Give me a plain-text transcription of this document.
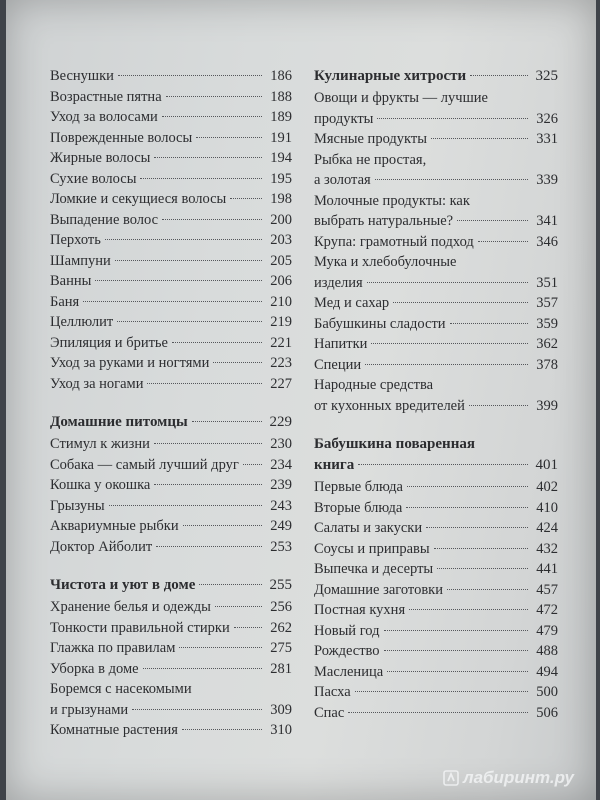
Веснушки	186
Возрастные пятна	188
Уход за волосами	189
Поврежденные волосы	191
Жирные волосы	194
Сухие волосы	195
Ломкие и секущиеся волосы	198
Выпадение волос	200
Перхоть	203
Шампуни	205
Ванны	206
Баня	210
Целлюлит	219
Эпиляция и бритье	221
Уход за руками и ногтями	223
Уход за ногами	227
Домашние питомцы	229
Стимул к жизни	230
Собака — самый лучший друг 234
Кошка у окошка	239
Грызуны	243
Аквариумные рыбки	249
Доктор Айболит	253
Чистота и уют в доме	255
Хранение белья и одежды	256
Тонкости правильной стирки	262
Глажка по правилам	275
Уборка в доме	281
Боремся с насекомыми
и грызунами	309
Комнатные растения	310
Кулинарные хитрости	325
Овощи и фрукты — лучшие
продукты	326
Мясные продукты	331
Рыбка не простая,
а золотая	339
Молочные продукты: как
выбрать натуральные?	341
Крупа: грамотный подход	346
Мука и хлебобулочные
изделия	351
Мед и сахар	357
Бабушкины сладости	359
Напитки	362
Специи	378
Народные средства
от кухонных вредителей	399
Бабушкина поваренная
книга	401
Первые блюда	402
Вторые блюда	410
Салаты и закуски	424
Соусы и приправы	432
Выпечка и десерты	441
Домашние заготовки	457
Постная кухня	472
Новый год	479
Рождество	488
Масленица	494
Пасха	500
Спас	506
лабиринт.ру
